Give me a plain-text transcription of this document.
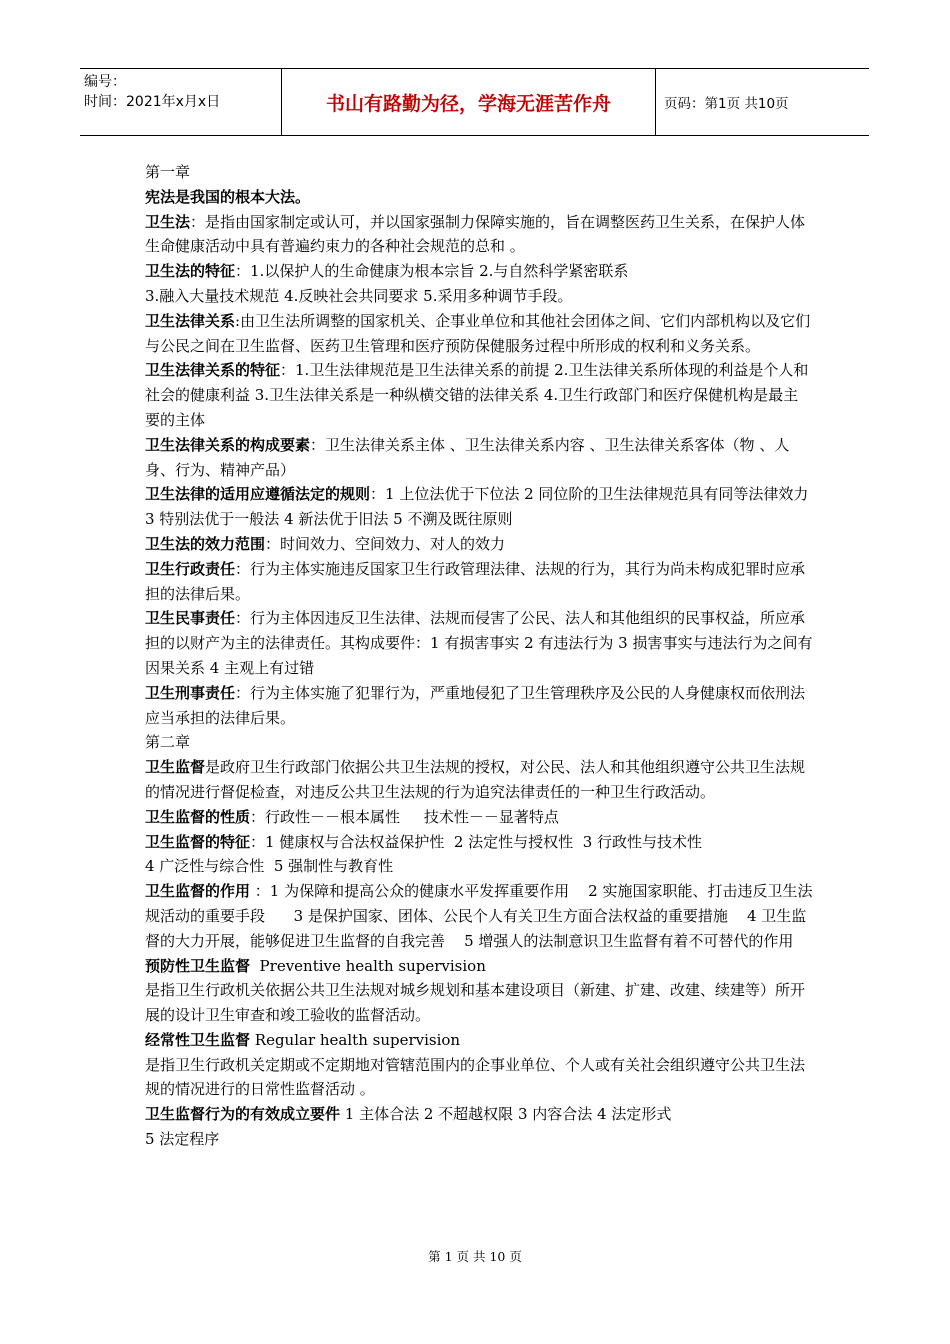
编号：
时间：2021年x月x日	书山有路勤为径，学海无涯苦作舟	页码：第1页 共10页
第一章
宪法是我国的根本大法。
卫生法：是指由国家制定或认可，并以国家强制力保障实施的，旨在调整医药卫生关系，在保护人体生命健康活动中具有普遍约束力的各种社会规范的总和 。
卫生法的特征：1.以保护人的生命健康为根本宗旨 2.与自然科学紧密联系
3.融入大量技术规范 4.反映社会共同要求 5.采用多种调节手段。
卫生法律关系:由卫生法所调整的国家机关、企事业单位和其他社会团体之间、它们内部机构以及它们与公民之间在卫生监督、医药卫生管理和医疗预防保健服务过程中所形成的权利和义务关系。
卫生法律关系的特征：1.卫生法律规范是卫生法律关系的前提 2.卫生法律关系所体现的利益是个人和社会的健康利益 3.卫生法律关系是一种纵横交错的法律关系 4.卫生行政部门和医疗保健机构是最主要的主体
卫生法律关系的构成要素：卫生法律关系主体 、卫生法律关系内容 、卫生法律关系客体（物 、人身、行为、精神产品）
卫生法律的适用应遵循法定的规则：1 上位法优于下位法 2 同位阶的卫生法律规范具有同等法律效力 3 特别法优于一般法 4 新法优于旧法 5 不溯及既往原则
卫生法的效力范围：时间效力、空间效力、对人的效力
卫生行政责任：行为主体实施违反国家卫生行政管理法律、法规的行为，其行为尚未构成犯罪时应承担的法律后果。
卫生民事责任：行为主体因违反卫生法律、法规而侵害了公民、法人和其他组织的民事权益，所应承担的以财产为主的法律责任。其构成要件：1 有损害事实 2 有违法行为 3 损害事实与违法行为之间有因果关系 4 主观上有过错
卫生刑事责任：行为主体实施了犯罪行为，严重地侵犯了卫生管理秩序及公民的人身健康权而依刑法应当承担的法律后果。
第二章
卫生监督是政府卫生行政部门依据公共卫生法规的授权，对公民、法人和其他组织遵守公共卫生法规的情况进行督促检查，对违反公共卫生法规的行为追究法律责任的一种卫生行政活动。
卫生监督的性质：行政性－－根本属性     技术性－－显著特点
卫生监督的特征：1 健康权与合法权益保护性  2 法定性与授权性  3 行政性与技术性
4 广泛性与综合性  5 强制性与教育性
卫生监督的作用 ：1 为保障和提高公众的健康水平发挥重要作用    2 实施国家职能、打击违反卫生法规活动的重要手段      3 是保护国家、团体、公民个人有关卫生方面合法权益的重要措施    4 卫生监督的大力开展，能够促进卫生监督的自我完善    5 增强人的法制意识卫生监督有着不可替代的作用
预防性卫生监督  Preventive health supervision
是指卫生行政机关依据公共卫生法规对城乡规划和基本建设项目（新建、扩建、改建、续建等）所开展的设计卫生审查和竣工验收的监督活动。
经常性卫生监督 Regular health supervision
是指卫生行政机关定期或不定期地对管辖范围内的企事业单位、个人或有关社会组织遵守公共卫生法规的情况进行的日常性监督活动 。
卫生监督行为的有效成立要件 1 主体合法 2 不超越权限 3 内容合法 4 法定形式
5 法定程序
第 1 页 共 10 页
